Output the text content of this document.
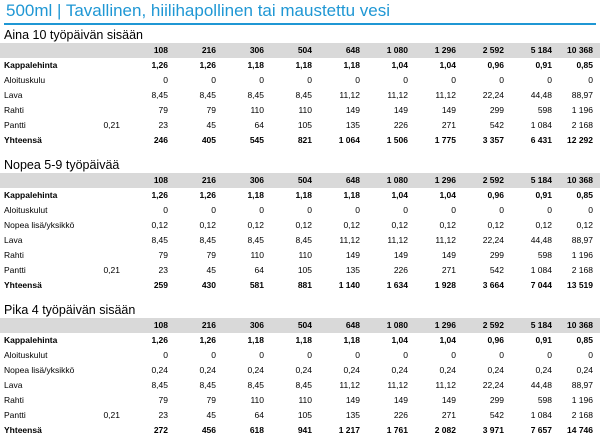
500ml | Tavallinen, hiilihapollinen tai maustettu vesi
Aina 10 työpäivän sisään
		108	216	306	504	648	1 080	1 296	2 592	5 184	10 368
Kappalehinta		1,26	1,26	1,18	1,18	1,18	1,04	1,04	0,96	0,91	0,85
Aloituskulu		0	0	0	0	0	0	0	0	0	0
Lava		8,45	8,45	8,45	8,45	11,12	11,12	11,12	22,24	44,48	88,97
Rahti		79	79	110	110	149	149	149	299	598	1 196
Pantti	0,21	23	45	64	105	135	226	271	542	1 084	2 168
Yhteensä		246	405	545	821	1 064	1 506	1 775	3 357	6 431	12 292
Nopea 5-9 työpäivää
		108	216	306	504	648	1 080	1 296	2 592	5 184	10 368
Kappalehinta		1,26	1,26	1,18	1,18	1,18	1,04	1,04	0,96	0,91	0,85
Aloituskulut		0	0	0	0	0	0	0	0	0	0
Nopea lisä/yksikkö		0,12	0,12	0,12	0,12	0,12	0,12	0,12	0,12	0,12	0,12
Lava		8,45	8,45	8,45	8,45	11,12	11,12	11,12	22,24	44,48	88,97
Rahti		79	79	110	110	149	149	149	299	598	1 196
Pantti	0,21	23	45	64	105	135	226	271	542	1 084	2 168
Yhteensä		259	430	581	881	1 140	1 634	1 928	3 664	7 044	13 519
Pika 4 työpäivän sisään
		108	216	306	504	648	1 080	1 296	2 592	5 184	10 368
Kappalehinta		1,26	1,26	1,18	1,18	1,18	1,04	1,04	0,96	0,91	0,85
Aloituskulut		0	0	0	0	0	0	0	0	0	0
Nopea lisä/yksikkö		0,24	0,24	0,24	0,24	0,24	0,24	0,24	0,24	0,24	0,24
Lava		8,45	8,45	8,45	8,45	11,12	11,12	11,12	22,24	44,48	88,97
Rahti		79	79	110	110	149	149	149	299	598	1 196
Pantti	0,21	23	45	64	105	135	226	271	542	1 084	2 168
Yhteensä		272	456	618	941	1 217	1 761	2 082	3 971	7 657	14 746
